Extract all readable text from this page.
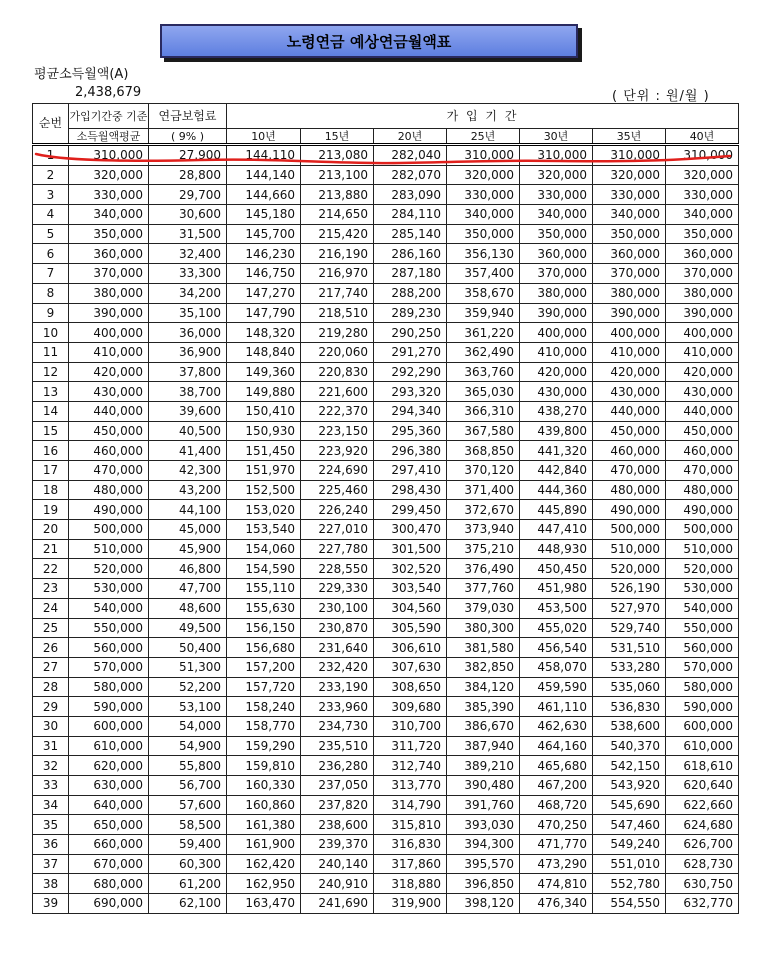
노령연금 예상연금월액표
평균소득월액(A)
2,438,679	( 단위 : 원/월 )
순번	가입기간중 기준	연금보험료	가 입 기 간						
	소득월액평균	( 9% )	10년	15년	20년	25년	30년	35년	40년
1	310,000	27,900	144,110	213,080	282,040	310,000	310,000	310,000	310,000
2	320,000	28,800	144,140	213,100	282,070	320,000	320,000	320,000	320,000
3	330,000	29,700	144,660	213,880	283,090	330,000	330,000	330,000	330,000
4	340,000	30,600	145,180	214,650	284,110	340,000	340,000	340,000	340,000
5	350,000	31,500	145,700	215,420	285,140	350,000	350,000	350,000	350,000
6	360,000	32,400	146,230	216,190	286,160	356,130	360,000	360,000	360,000
7	370,000	33,300	146,750	216,970	287,180	357,400	370,000	370,000	370,000
8	380,000	34,200	147,270	217,740	288,200	358,670	380,000	380,000	380,000
9	390,000	35,100	147,790	218,510	289,230	359,940	390,000	390,000	390,000
10	400,000	36,000	148,320	219,280	290,250	361,220	400,000	400,000	400,000
11	410,000	36,900	148,840	220,060	291,270	362,490	410,000	410,000	410,000
12	420,000	37,800	149,360	220,830	292,290	363,760	420,000	420,000	420,000
13	430,000	38,700	149,880	221,600	293,320	365,030	430,000	430,000	430,000
14	440,000	39,600	150,410	222,370	294,340	366,310	438,270	440,000	440,000
15	450,000	40,500	150,930	223,150	295,360	367,580	439,800	450,000	450,000
16	460,000	41,400	151,450	223,920	296,380	368,850	441,320	460,000	460,000
17	470,000	42,300	151,970	224,690	297,410	370,120	442,840	470,000	470,000
18	480,000	43,200	152,500	225,460	298,430	371,400	444,360	480,000	480,000
19	490,000	44,100	153,020	226,240	299,450	372,670	445,890	490,000	490,000
20	500,000	45,000	153,540	227,010	300,470	373,940	447,410	500,000	500,000
21	510,000	45,900	154,060	227,780	301,500	375,210	448,930	510,000	510,000
22	520,000	46,800	154,590	228,550	302,520	376,490	450,450	520,000	520,000
23	530,000	47,700	155,110	229,330	303,540	377,760	451,980	526,190	530,000
24	540,000	48,600	155,630	230,100	304,560	379,030	453,500	527,970	540,000
25	550,000	49,500	156,150	230,870	305,590	380,300	455,020	529,740	550,000
26	560,000	50,400	156,680	231,640	306,610	381,580	456,540	531,510	560,000
27	570,000	51,300	157,200	232,420	307,630	382,850	458,070	533,280	570,000
28	580,000	52,200	157,720	233,190	308,650	384,120	459,590	535,060	580,000
29	590,000	53,100	158,240	233,960	309,680	385,390	461,110	536,830	590,000
30	600,000	54,000	158,770	234,730	310,700	386,670	462,630	538,600	600,000
31	610,000	54,900	159,290	235,510	311,720	387,940	464,160	540,370	610,000
32	620,000	55,800	159,810	236,280	312,740	389,210	465,680	542,150	618,610
33	630,000	56,700	160,330	237,050	313,770	390,480	467,200	543,920	620,640
34	640,000	57,600	160,860	237,820	314,790	391,760	468,720	545,690	622,660
35	650,000	58,500	161,380	238,600	315,810	393,030	470,250	547,460	624,680
36	660,000	59,400	161,900	239,370	316,830	394,300	471,770	549,240	626,700
37	670,000	60,300	162,420	240,140	317,860	395,570	473,290	551,010	628,730
38	680,000	61,200	162,950	240,910	318,880	396,850	474,810	552,780	630,750
39	690,000	62,100	163,470	241,690	319,900	398,120	476,340	554,550	632,770
